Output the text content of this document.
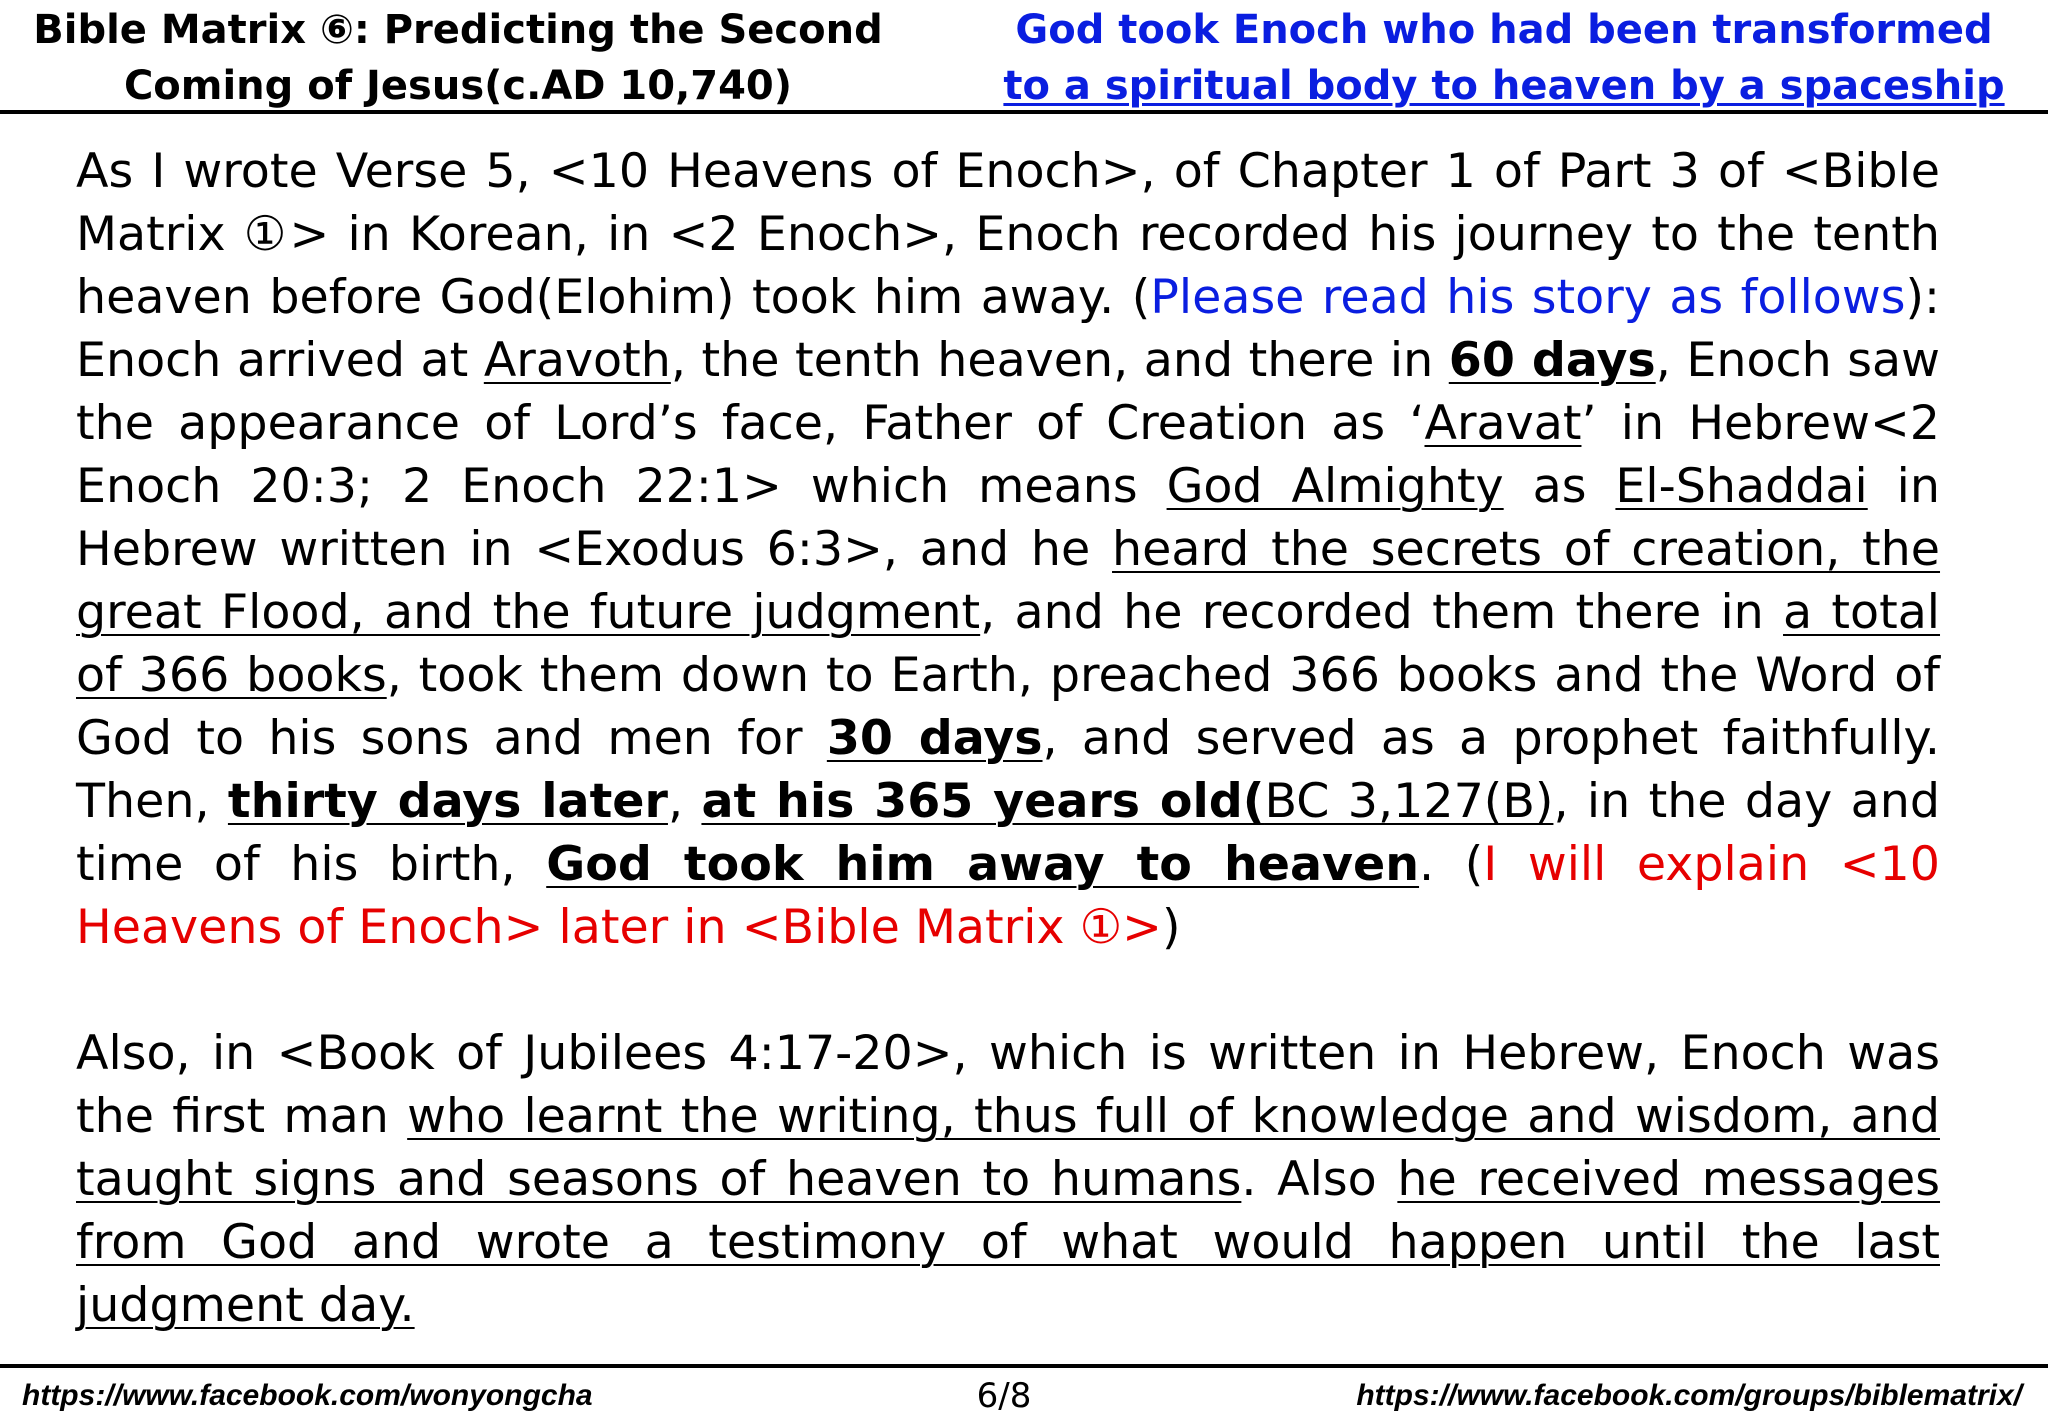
Bible Matrix ⑥: Predicting the Second
Coming of Jesus(c.AD 10,740)
God took Enoch who had been transformed
to a spiritual body to heaven by a spaceship

As I wrote Verse 5, <10 Heavens of Enoch>, of Chapter 1 of Part 3 of <Bible Matrix ①> in Korean, in <2 Enoch>, Enoch recorded his journey to the tenth heaven before God(Elohim) took him away. (Please read his story as follows): Enoch arrived at Aravoth, the tenth heaven, and there in 60 days, Enoch saw the appearance of Lord’s face, Father of Creation as ‘Aravat’ in Hebrew<2 Enoch 20:3; 2 Enoch 22:1> which means God Almighty as El-Shaddai in Hebrew written in <Exodus 6:3>, and he heard the secrets of creation, the great Flood, and the future judgment, and he recorded them there in a total of 366 books, took them down to Earth, preached 366 books and the Word of God to his sons and men for 30 days, and served as a prophet faithfully. Then, thirty days later, at his 365 years old(BC 3,127(B), in the day and time of his birth, God took him away to heaven. (I will explain <10 Heavens of Enoch> later in <Bible Matrix ①>)

Also, in <Book of Jubilees 4:17-20>, which is written in Hebrew, Enoch was the first man who learnt the writing, thus full of knowledge and wisdom, and taught signs and seasons of heaven to humans. Also he received messages from God and wrote a testimony of what would happen until the last judgment day.

https://www.facebook.com/wonyongcha	6/8	https://www.facebook.com/groups/biblematrix/
